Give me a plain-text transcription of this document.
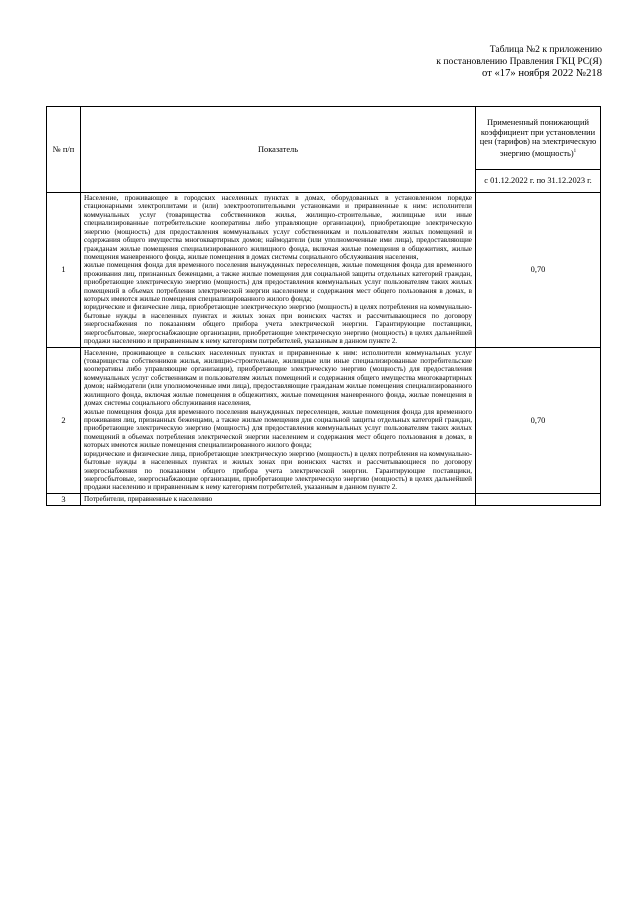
Таблица №2 к приложению
к постановлению Правления ГКЦ РС(Я)
от «17» ноября 2022 №218
№ п/п	Показатель	Примененный понижающий коэффициент при установлении цен (тарифов) на электрическую энергию (мощность)$^1$
		с 01.12.2022 г. по 31.12.2023 г.
1	Население, проживающее в городских населенных пунктах в домах, оборудованных в установленном порядке стационарными электроплитами и (или) электроотопительными установками и приравненные к ним: исполнители коммунальных услуг (товарищества собственников жилья, жилищно-строительные, жилищные или иные специализированные потребительские кооперативы либо управляющие организации), приобретающие электрическую энергию (мощность) для предоставления коммунальных услуг собственникам и пользователям жилых помещений и содержания общего имущества многоквартирных домов; наймодатели (или уполномоченные ими лица), предоставляющие гражданам жилые помещения специализированного жилищного фонда, включая жилые помещения в общежитиях, жилые помещения маневренного фонда, жилые помещения в домах системы социального обслуживания населения,

жилые помещения фонда для временного поселения вынужденных переселенцев, жилые помещения фонда для временного проживания лиц, признанных беженцами, а также жилые помещения для социальной защиты отдельных категорий граждан, приобретающие электрическую энергию (мощность) для предоставления коммунальных услуг пользователям таких жилых помещений в объемах потребления электрической энергии населением и содержания мест общего пользования в домах, в которых имеются жилые помещения специализированного жилого фонда;

юридические и физические лица, приобретающие электрическую энергию (мощность) в целях потребления на коммунально-бытовые нужды в населенных пунктах и жилых зонах при воинских частях и рассчитывающиеся по договору энергоснабжения по показаниям общего прибора учета электрической энергии. Гарантирующие поставщики, энергосбытовые, энергоснабжающие организации, приобретающие электрическую энергию (мощность) в целях дальнейшей продажи населению и приравненным к нему категориям потребителей, указанным в данном пункте 2.	0,70
2	Население, проживающее в сельских населенных пунктах и приравненные к ним: исполнители коммунальных услуг (товарищества собственников жилья, жилищно-строительные, жилищные или иные специализированные потребительские кооперативы либо управляющие организации), приобретающие электрическую энергию (мощность) для предоставления коммунальных услуг собственникам и пользователям жилых помещений и содержания общего имущества многоквартирных домов; наймодатели (или уполномоченные ими лица), предоставляющие гражданам жилые помещения специализированного жилищного фонда, включая жилые помещения в общежитиях, жилые помещения маневренного фонда, жилые помещения в домах системы социального обслуживания населения,

жилые помещения фонда для временного поселения вынужденных переселенцев, жилые помещения фонда для временного проживания лиц, признанных беженцами, а также жилые помещения для социальной защиты отдельных категорий граждан, приобретающие электрическую энергию (мощность) для предоставления коммунальных услуг пользователям таких жилых помещений в объемах потребления электрической энергии населением и содержания мест общего пользования в домах, в которых имеются жилые помещения специализированного жилого фонда;

юридические и физические лица, приобретающие электрическую энергию (мощность) в целях потребления на коммунально-бытовые нужды в населенных пунктах и жилых зонах при воинских частях и рассчитывающиеся по договору энергоснабжения по показаниям общего прибора учета электрической энергии. Гарантирующие поставщики, энергосбытовые, энергоснабжающие организации, приобретающие электрическую энергию (мощность) в целях дальнейшей продажи населению и приравненным к нему категориям потребителей, указанным в данном пункте 2.	0,70
3	Потребители, приравненные к населению	
